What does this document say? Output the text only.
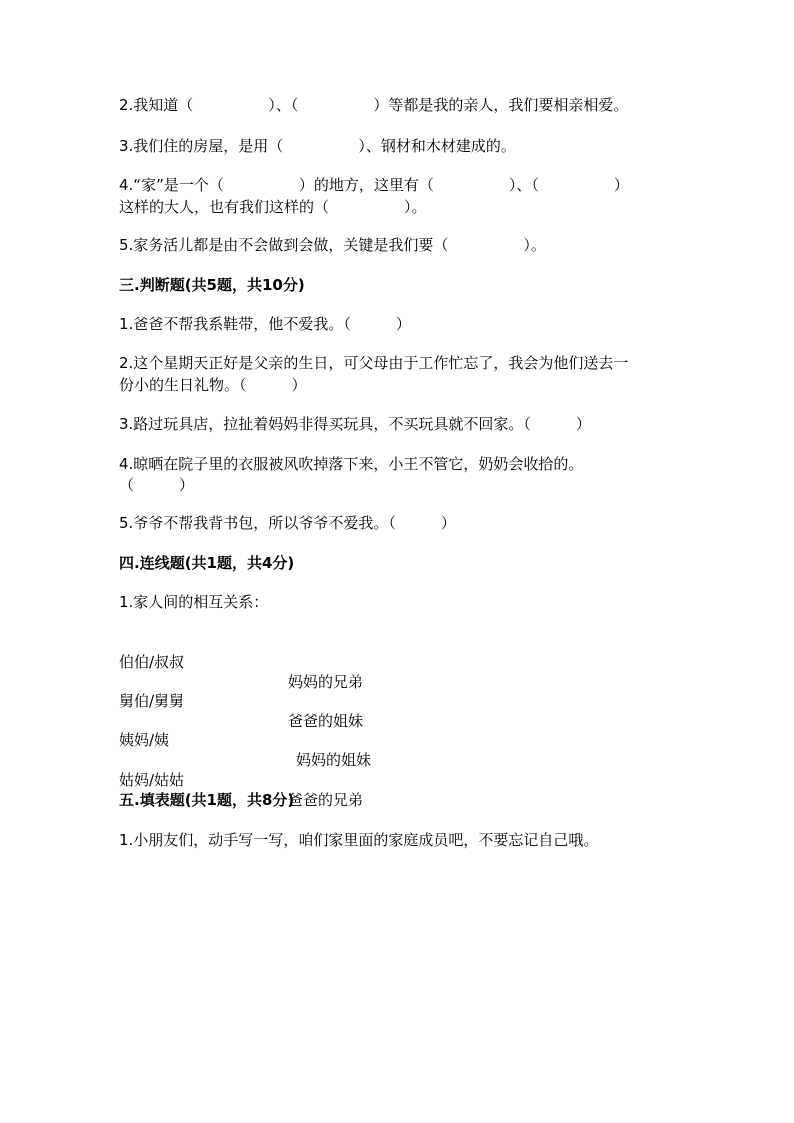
2.我知道（　　　　　）、（　　　　　）等都是我的亲人，我们要相亲相爱。
3.我们住的房屋，是用（　　　　　）、钢材和木材建成的。
4.“家”是一个（　　　　　）的地方，这里有（　　　　　）、（　　　　　）
这样的大人，也有我们这样的（　　　　　）。
5.家务活儿都是由不会做到会做，关键是我们要（　　　　　）。
三.判断题(共5题，共10分)
1.爸爸不帮我系鞋带，他不爱我。（　　　）
2.这个星期天正好是父亲的生日，可父母由于工作忙忘了，我会为他们送去一
份小的生日礼物。（　　　）
3.路过玩具店，拉扯着妈妈非得买玩具，不买玩具就不回家。（　　　）
4.晾晒在院子里的衣服被风吹掉落下来，小王不管它，奶奶会收拾的。
（　　　）
5.爷爷不帮我背书包，所以爷爷不爱我。（　　　）
四.连线题(共1题，共4分)
1.家人间的相互关系：

伯伯/叔叔

妈妈的兄弟

舅伯/舅舅

爸爸的姐妹

姨妈/姨

妈妈的姐妹

姑妈/姑姑

爸爸的兄弟

五.填表题(共1题，共8分)
1.小朋友们，动手写一写，咱们家里面的家庭成员吧，不要忘记自己哦。
